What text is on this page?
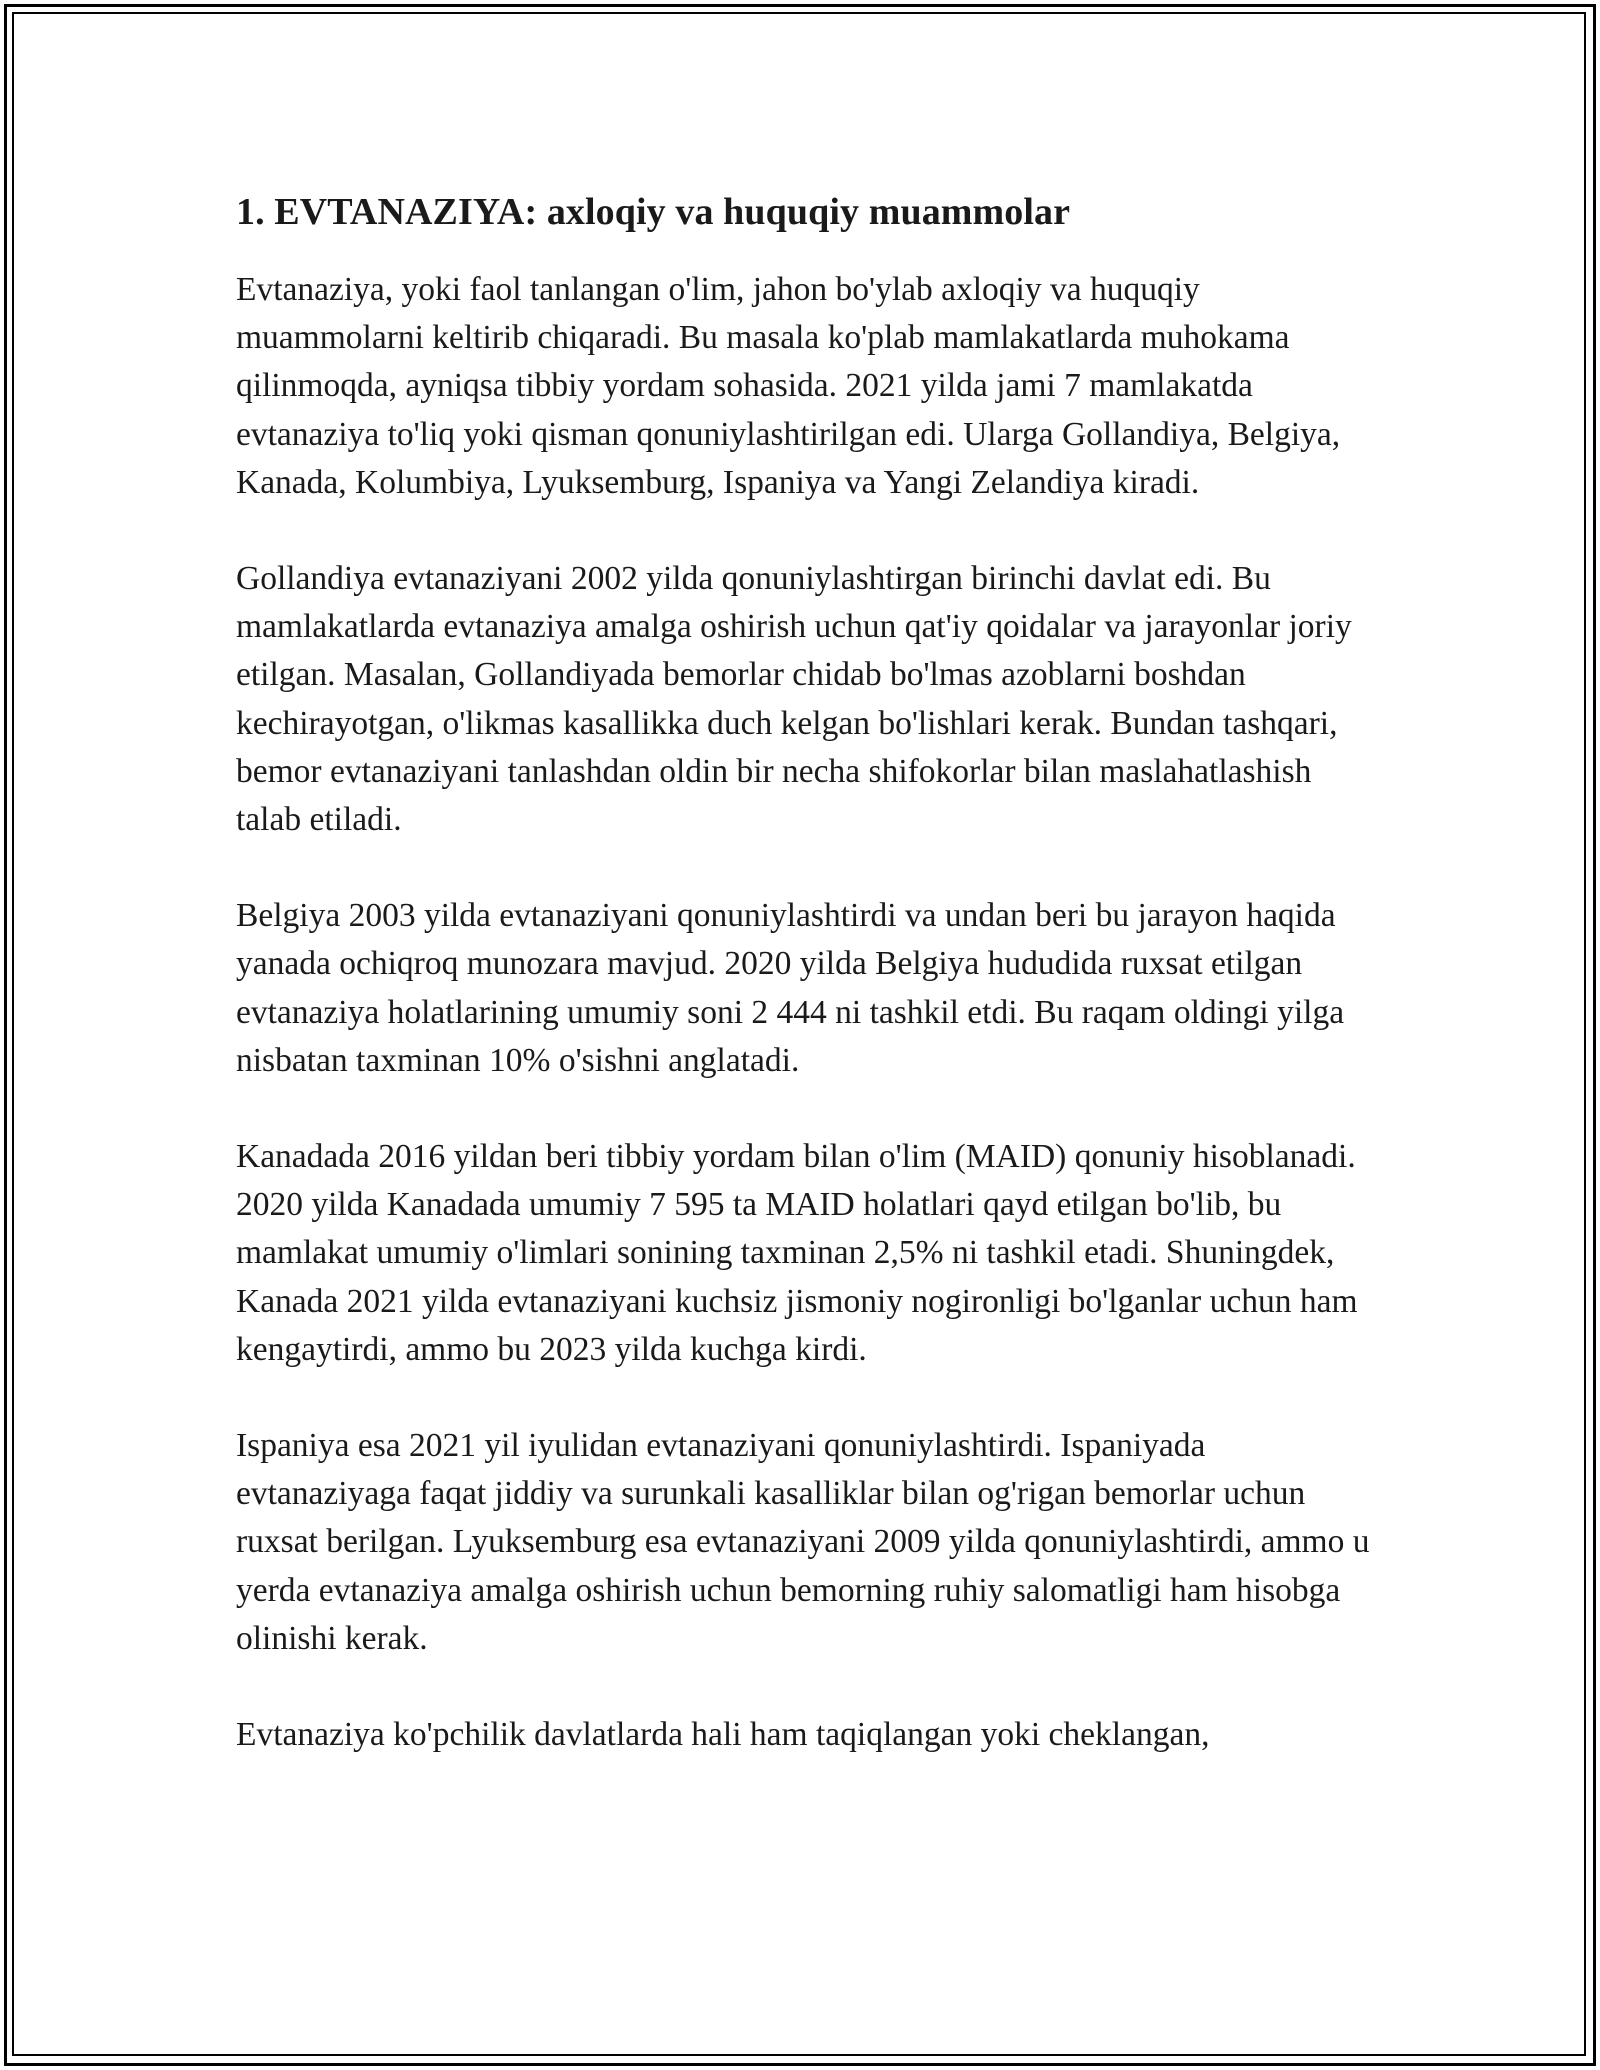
1. EVTANAZIYA: axloqiy va huquqiy muammolar

Evtanaziya, yoki faol tanlangan o'lim, jahon bo'ylab axloqiy va huquqiy muammolarni keltirib chiqaradi. Bu masala ko'plab mamlakatlarda muhokama qilinmoqda, ayniqsa tibbiy yordam sohasida. 2021 yilda jami 7 mamlakatda evtanaziya to'liq yoki qisman qonuniylashtirilgan edi. Ularga Gollandiya, Belgiya, Kanada, Kolumbiya, Lyuksemburg, Ispaniya va Yangi Zelandiya kiradi.

Gollandiya evtanaziyani 2002 yilda qonuniylashtirgan birinchi davlat edi. Bu mamlakatlarda evtanaziya amalga oshirish uchun qat'iy qoidalar va jarayonlar joriy etilgan. Masalan, Gollandiyada bemorlar chidab bo'lmas azoblarni boshdan kechirayotgan, o'likmas kasallikka duch kelgan bo'lishlari kerak. Bundan tashqari, bemor evtanaziyani tanlashdan oldin bir necha shifokorlar bilan maslahatlashish talab etiladi.

Belgiya 2003 yilda evtanaziyani qonuniylashtirdi va undan beri bu jarayon haqida yanada ochiqroq munozara mavjud. 2020 yilda Belgiya hududida ruxsat etilgan evtanaziya holatlarining umumiy soni 2 444 ni tashkil etdi. Bu raqam oldingi yilga nisbatan taxminan 10% o'sishni anglatadi.

Kanadada 2016 yildan beri tibbiy yordam bilan o'lim (MAID) qonuniy hisoblanadi. 2020 yilda Kanadada umumiy 7 595 ta MAID holatlari qayd etilgan bo'lib, bu mamlakat umumiy o'limlari sonining taxminan 2,5% ni tashkil etadi. Shuningdek, Kanada 2021 yilda evtanaziyani kuchsiz jismoniy nogironligi bo'lganlar uchun ham kengaytirdi, ammo bu 2023 yilda kuchga kirdi.

Ispaniya esa 2021 yil iyulidan evtanaziyani qonuniylashtirdi. Ispaniyada evtanaziyaga faqat jiddiy va surunkali kasalliklar bilan og'rigan bemorlar uchun ruxsat berilgan. Lyuksemburg esa evtanaziyani 2009 yilda qonuniylashtirdi, ammo u yerda evtanaziya amalga oshirish uchun bemorning ruhiy salomatligi ham hisobga olinishi kerak.

Evtanaziya ko'pchilik davlatlarda hali ham taqiqlangan yoki cheklangan,
